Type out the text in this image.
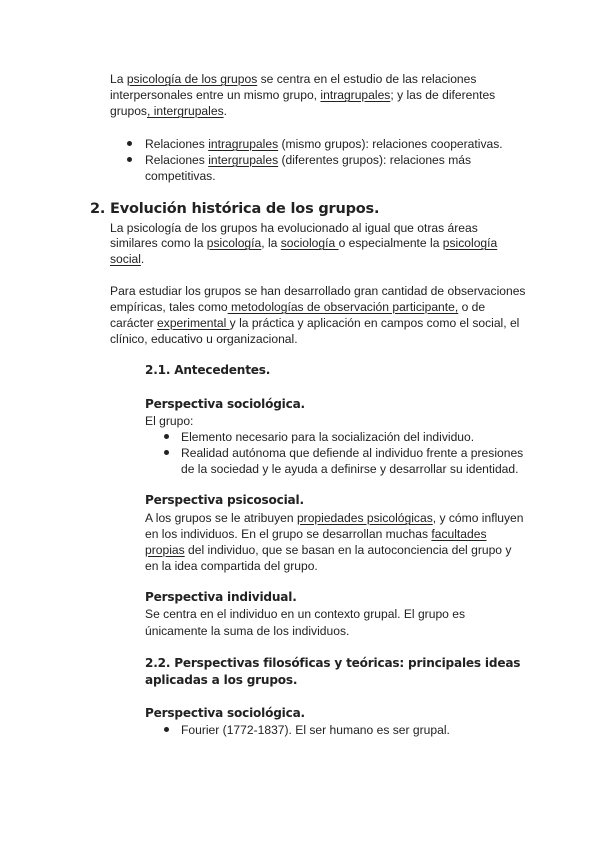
La psicología de los grupos se centra en el estudio de las relaciones

interpersonales entre un mismo grupo, intragrupales; y las de diferentes

grupos, intergrupales.

Relaciones intragrupales (mismo grupos): relaciones cooperativas.

Relaciones intergrupales (diferentes grupos): relaciones más

competitivas.

2. Evolución histórica de los grupos.

La psicología de los grupos ha evolucionado al igual que otras áreas

similares como la psicología, la sociología o especialmente la psicología

social.

Para estudiar los grupos se han desarrollado gran cantidad de observaciones

empíricas, tales como metodologías de observación participante, o de

carácter experimental y la práctica y aplicación en campos como el social, el

clínico, educativo u organizacional.

2.1. Antecedentes.

Perspectiva sociológica.

El grupo:

Elemento necesario para la socialización del individuo.

Realidad autónoma que defiende al individuo frente a presiones

de la sociedad y le ayuda a definirse y desarrollar su identidad.

Perspectiva psicosocial.

A los grupos se le atribuyen propiedades psicológicas, y cómo influyen

en los individuos. En el grupo se desarrollan muchas facultades

propias del individuo, que se basan en la autoconciencia del grupo y

en la idea compartida del grupo.

Perspectiva individual.

Se centra en el individuo en un contexto grupal. El grupo es

únicamente la suma de los individuos.

2.2. Perspectivas filosóficas y teóricas: principales ideas

aplicadas a los grupos.

Perspectiva sociológica.

Fourier (1772-1837). El ser humano es ser grupal.
